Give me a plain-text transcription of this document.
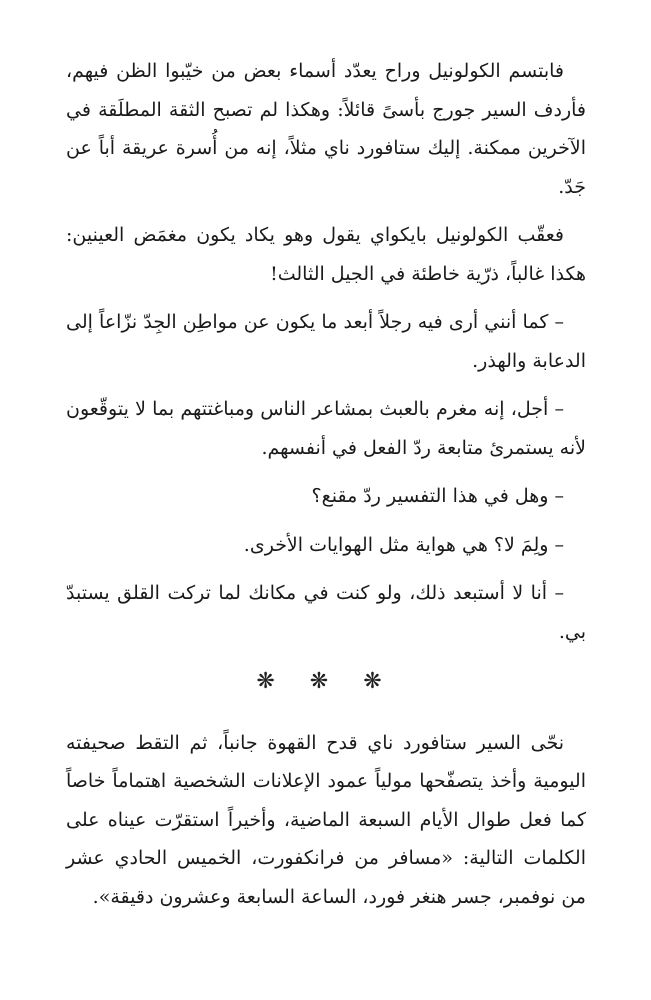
فابتسم الكولونيل وراح يعدّد أسماء بعض من خيّبوا الظن فيهم، فأردف السير جورج بأسىً قائلاً: وهكذا لم تصبح الثقة المطلَقة في الآخرين ممكنة. إليك ستافورد ناي مثلاً، إنه من أُسرة عريقة أباً عن جَدّ.

فعقّب الكولونيل بايكواي يقول وهو يكاد يكون مغمَض العينين: هكذا غالباً، ذرّية خاطئة في الجيل الثالث!

– كما أنني أرى فيه رجلاً أبعد ما يكون عن مواطِن الجِدّ نزّاعاً إلى الدعابة والهذر.

– أجل، إنه مغرم بالعبث بمشاعر الناس ومباغتتهم بما لا يتوقّعون لأنه يستمرئ متابعة ردّ الفعل في أنفسهم.

– وهل في هذا التفسير ردّ مقنع؟

– ولِمَ لا؟ هي هواية مثل الهوايات الأخرى.

– أنا لا أستبعد ذلك، ولو كنت في مكانك لما تركت القلق يستبدّ بي.

❋ ❋ ❋

نحّى السير ستافورد ناي قدح القهوة جانباً، ثم التقط صحيفته اليومية وأخذ يتصفّحها مولياً عمود الإعلانات الشخصية اهتماماً خاصاً كما فعل طوال الأيام السبعة الماضية، وأخيراً استقرّت عيناه على الكلمات التالية: «مسافر من فرانكفورت، الخميس الحادي عشر من نوفمبر، جسر هنغر فورد، الساعة السابعة وعشرون دقيقة».
